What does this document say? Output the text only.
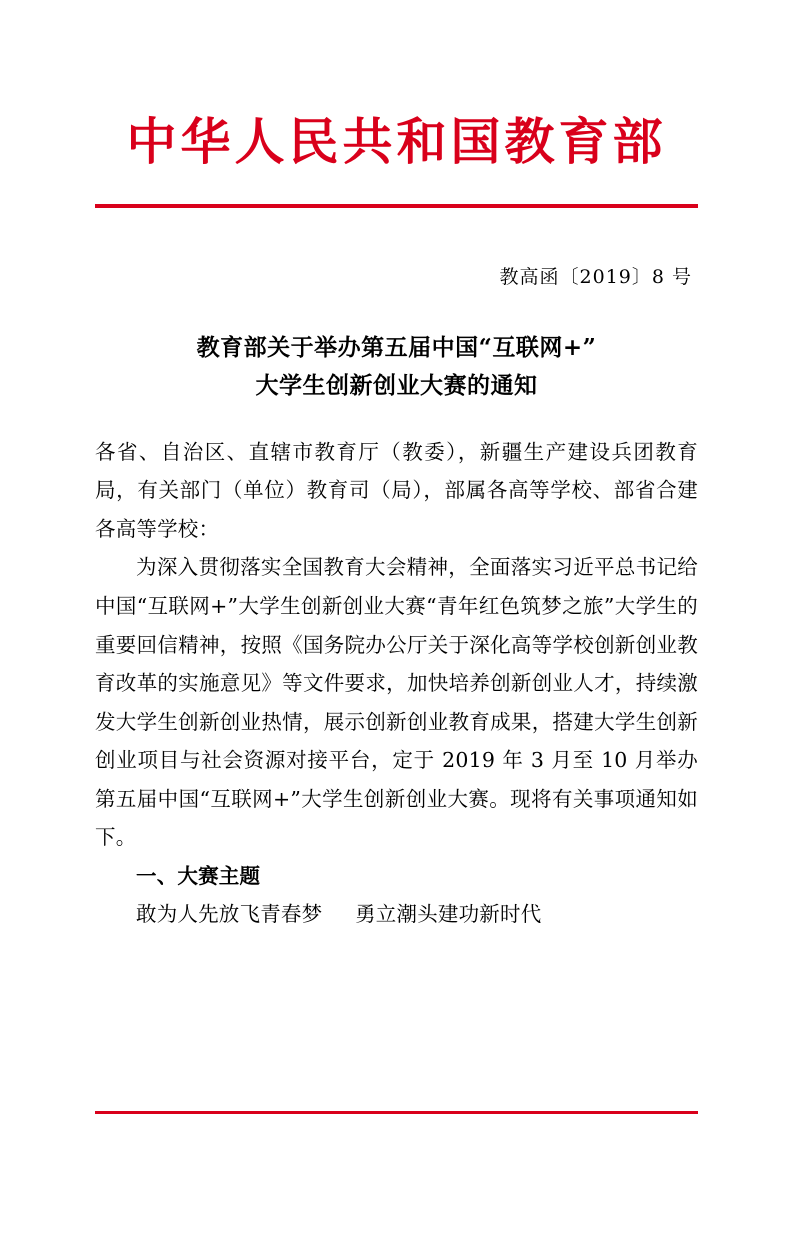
中华人民共和国教育部
教高函〔2019〕8 号
教育部关于举办第五届中国“互联网+”
大学生创新创业大赛的通知

各省、自治区、直辖市教育厅（教委），新疆生产建设兵团教育局，有关部门（单位）教育司（局），部属各高等学校、部省合建各高等学校：

为深入贯彻落实全国教育大会精神，全面落实习近平总书记给中国“互联网+”大学生创新创业大赛“青年红色筑梦之旅”大学生的重要回信精神，按照《国务院办公厅关于深化高等学校创新创业教育改革的实施意见》等文件要求，加快培养创新创业人才，持续激发大学生创新创业热情，展示创新创业教育成果，搭建大学生创新创业项目与社会资源对接平台，定于 2019 年 3 月至 10 月举办第五届中国“互联网+”大学生创新创业大赛。现将有关事项通知如下。

一、大赛主题

敢为人先放飞青春梦 勇立潮头建功新时代
